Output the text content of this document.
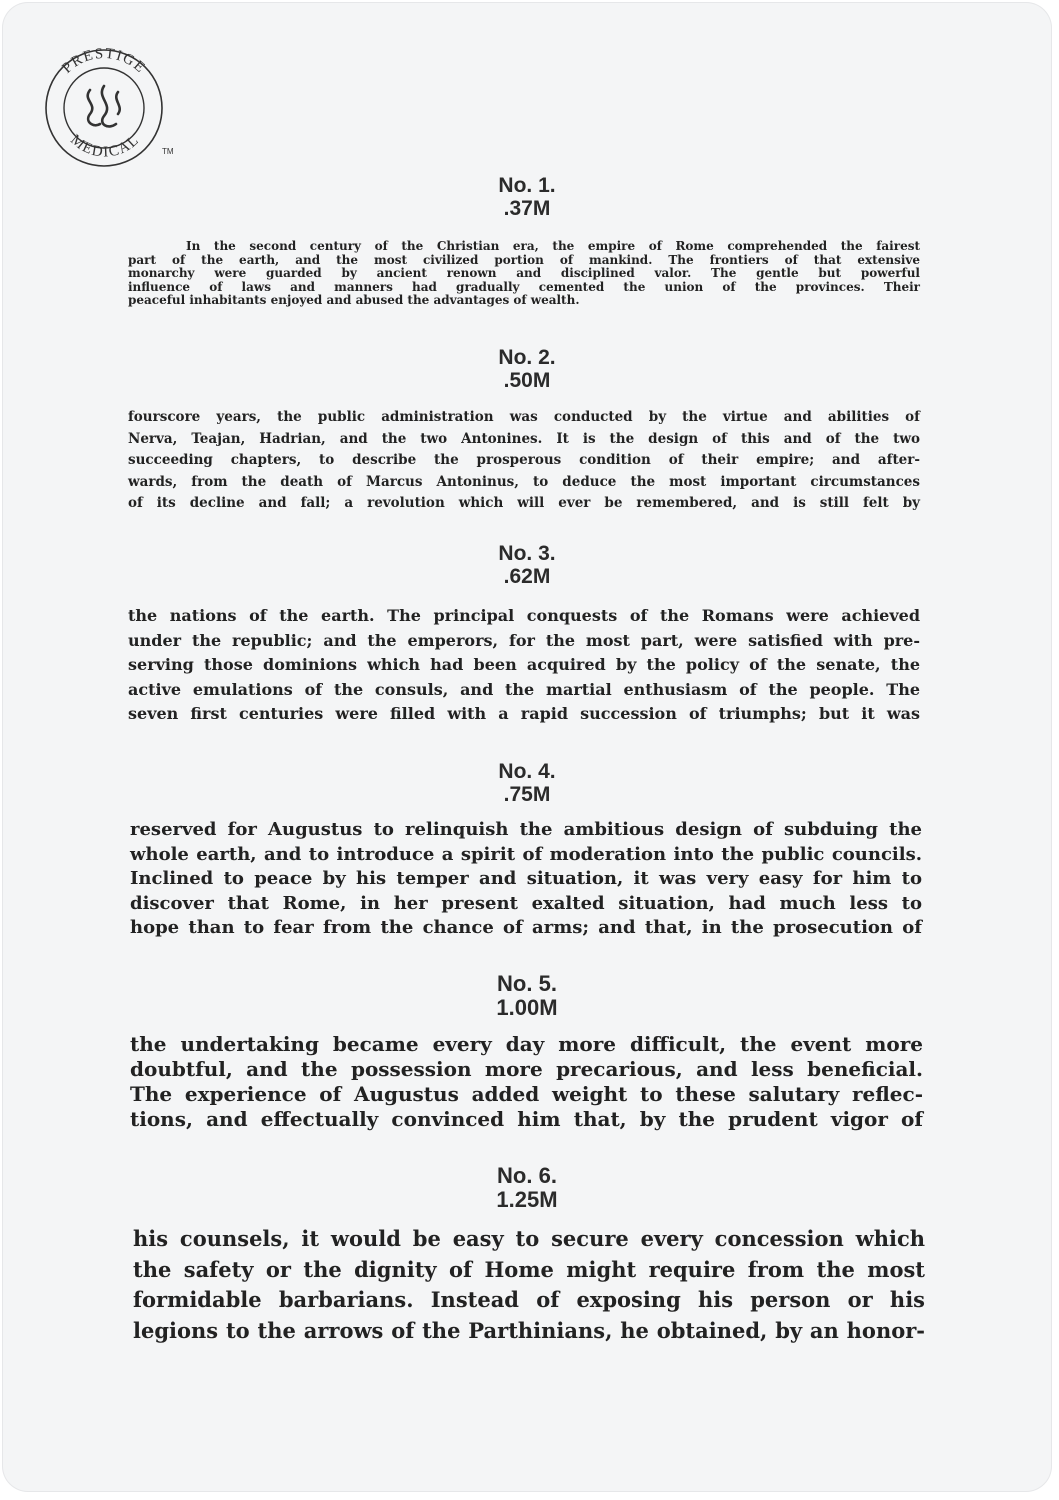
PRESTIGE
MEDICAL
TM
No. 1.
.37M
In the second century of the Christian era, the empire of Rome comprehended the fairest
part of the earth, and the most civilized portion of mankind. The frontiers of that extensive
monarchy were guarded by ancient renown and disciplined valor. The gentle but powerful
influence of laws and manners had gradually cemented the union of the provinces. Their
peaceful inhabitants enjoyed and abused the advantages of wealth.
No. 2.
.50M
fourscore years, the public administration was conducted by the virtue and abilities of
Nerva, Teajan, Hadrian, and the two Antonines. It is the design of this and of the two
succeeding chapters, to describe the prosperous condition of their empire; and after-
wards, from the death of Marcus Antoninus, to deduce the most important circumstances
of its decline and fall; a revolution which will ever be remembered, and is still felt by
No. 3.
.62M
the nations of the earth. The principal conquests of the Romans were achieved
under the republic; and the emperors, for the most part, were satisfied with pre-
serving those dominions which had been acquired by the policy of the senate, the
active emulations of the consuls, and the martial enthusiasm of the people. The
seven first centuries were filled with a rapid succession of triumphs; but it was
No. 4.
.75M
reserved for Augustus to relinquish the ambitious design of subduing the
whole earth, and to introduce a spirit of moderation into the public councils.
Inclined to peace by his temper and situation, it was very easy for him to
discover that Rome, in her present exalted situation, had much less to
hope than to fear from the chance of arms; and that, in the prosecution of
No. 5.
1.00M
the undertaking became every day more difficult, the event more
doubtful, and the possession more precarious, and less beneficial.
The experience of Augustus added weight to these salutary reflec-
tions, and effectually convinced him that, by the prudent vigor of
No. 6.
1.25M
his counsels, it would be easy to secure every concession which
the safety or the dignity of Home might require from the most
formidable barbarians. Instead of exposing his person or his
legions to the arrows of the Parthinians, he obtained, by an honor-
